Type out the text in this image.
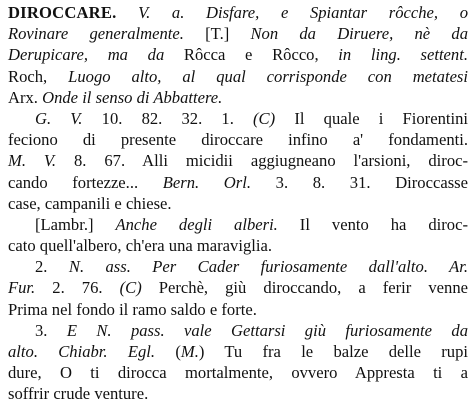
DIROCCARE. V. a. Disfare, e Spiantar rôcche, o
Rovinare generalmente. [T.] Non da Diruere, nè da
Derupicare, ma da Rôcca e Rôcco, in ling. settent.
Roch, Luogo alto, al qual corrisponde con metatesi
Arx. Onde il senso di Abbattere.
G. V. 10. 82. 32. 1. (C) Il quale i Fiorentini
feciono di presente diroccare infino a' fondamenti.
M. V. 8. 67. Alli micidii aggiugneano l'arsioni, diroc-
cando fortezze... Bern. Orl. 3. 8. 31. Diroccasse
case, campanili e chiese.
[Lambr.] Anche degli alberi. Il vento ha diroc-
cato quell'albero, ch'era una maraviglia.
2. N. ass. Per Cader furiosamente dall'alto. Ar.
Fur. 2. 76. (C) Perchè, giù diroccando, a ferir venne
Prima nel fondo il ramo saldo e forte.
3. E N. pass. vale Gettarsi giù furiosamente da
alto. Chiabr. Egl. (M.) Tu fra le balze delle rupi
dure, O ti dirocca mortalmente, ovvero Appresta ti a
soffrir crude venture.
